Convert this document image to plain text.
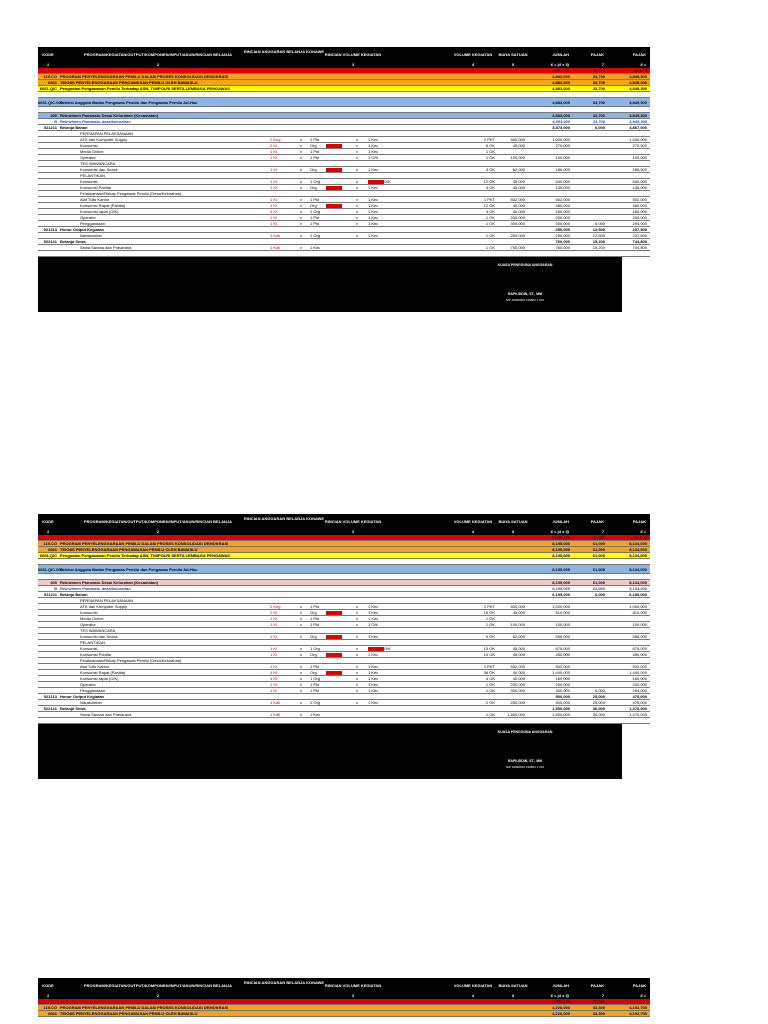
RINCIAN ANGGARAN BELANJA KONAWE
KODE	PROGRAM/KEGIATAN/OUTPUT/KOMPONEN/INPUT/AKUN/RINCIAN BELANJA	RINCIAN VOLUME KEGIATAN	VOLUME KEGIATAN	BIAYA SATUAN	JUMLAH	PAJAK	PAJAK
1	2	3	4	5	6 = (4 x 5)	7	8 =
4,883,000	33,700	(6+8-7)
115.CO PROGRAM PENYELENGGARAAN PEMILU DALAM PROSES KONSOLIDASI DEMOKRASI	4,883,000	33,700	4,849,300
6661 TEKNIS PENYELENGGARAAN PENGAWASAN PEMILU OLEH BAWASLU	4,883,000	33,700	4,849,300
6661.QIC Penguatan Pengawasan Pemilu Terhadap ASN, TNI/POLRI SERTA LEMBAGA PENGAWAS	4,883,000	33,700	4,849,300
6661.QIC.003
Seleksi Anggota Badan Pengawas Pemilu dan Pengawas Pemilu Ad-Hoc	4,883,000	33,700	4,849,300
400 Rekrutmen Panwaslu Desa/ Kelurahan (Kecamatan)	4,883,000	33,700	4,849,300
B Rekrutmen Panwaslu desa/kelurahan	4,883,000	33,700	4,849,300
521211 Belanja Bahan	3,873,000	6,000	3,867,000
PERSIAPAN PELAKSANAAN
ATK dan Komputer Supply	2 Keg	x	1 Pkt	x	1 Kec	2 PKT	500,000	1,000,000	1,000,000
Konsumsi	2 Kl	x	Org	x	1 Kec	6 OK	45,000	270,000	270,000
Media Online	1 Kl	x	1 Pkt	x	1 Kec	1 OK
Operator	1 Kl	x	1 Pkt	x	1 O/K	1 OK	100,000	100,000	100,000
TES WAWANCARA
Konsumsi dan Snack	1 Kl	x	Org	x	1 Kec	3 OK	62,000	186,000	186,000
PELANTIKAN
Konsumsi	1 Kl	x	1 Org	x	O/K	12 OK	45,000	540,000	540,000
Konsumsi Panitia	1 Kl	x	Org	x	1 Kec	3 OK	45,000	135,000	135,000
Pelaksanaan/Rekap Pengawas Pemilu (Desa/Kelurahan)
Alat Tulis Kantor	1 Kl	x	1 Pkt	x	1 Kec	1 PKT	502,000	502,000	502,000
Konsumsi Rapat (Panitia)	4 Kl	x	Org	x	1 Kec	12 OK	40,000	480,000	480,000
Konsumsi rapat (O/K)	4 Kl	x	1 Org	x	1 Kec	4 OK	40,000	160,000	160,000
Operator	1 Kl	x	1 Pkt	x	1 Kec	1 OK	200,000	200,000	200,000
Penggandaan	1 Kl	x	1 Pkt	x	1 Kec	1 OK	300,000	300,000	6,000	294,000
521213 Honor Output Kegiatan	250,000	12,500	237,500
Narasumber	1 Kali	x	1 Org	x	1 Kec	1 OK	250,000	250,000	12,500	237,500
522141 Belanja Sewa	760,000	15,200	744,800
Sewa Sarana dan Prasarana	1 Kali	x	1 Kec	1 OK	760,000	760,000	15,200	744,800
KUASA PENGGUNA ANGGARAN
RAPIUDDIN, ST., MM
NIP 19690816 199803 1 010
RINCIAN ANGGARAN BELANJA KONAWE
KODE	PROGRAM/KEGIATAN/OUTPUT/KOMPONEN/INPUT/AKUN/RINCIAN BELANJA	RINCIAN VOLUME KEGIATAN	VOLUME KEGIATAN	BIAYA SATUAN	JUMLAH	PAJAK	PAJAK
1	2	3	4	5	6 = (4 x 5)	7	8 =
8,195,000	61,000	(6+8-7)
115.CO PROGRAM PENYELENGGARAAN PEMILU DALAM PROSES KONSOLIDASI DEMOKRASI	8,195,000	61,000	8,134,000
6661 TEKNIS PENYELENGGARAAN PENGAWASAN PEMILU OLEH BAWASLU	8,195,000	61,000	8,134,000
6661.QIC Penguatan Pengawasan Pemilu Terhadap ASN, TNI/POLRI SERTA LEMBAGA PENGAWAS	8,195,000	61,000	8,134,000
6661.QIC.003
Seleksi Anggota Badan Pengawas Pemilu dan Pengawas Pemilu Ad-Hoc	8,195,000	61,000	8,134,000
400 Rekrutmen Panwaslu Desa/ Kelurahan (Kecamatan)	8,195,000	61,000	8,134,000
B Rekrutmen Panwaslu desa/kelurahan	8,195,000	61,000	8,134,000
521211 Belanja Bahan	6,195,000	6,000	6,189,000
PERSIAPAN PELAKSANAAN
ATK dan Komputer Supply	2 Keg	x	1 Pkt	x	1 Kec	2 PKT	500,000	1,000,000	1,000,000
Konsumsi	2 Kl	x	Org	x	1 Kec	18 OK	45,000	810,000	810,000
Media Online	1 Kl	x	1 Pkt	x	1 Kec	1 OK
Operator	1 Kl	x	1 Pkt	x	1 O/K	1 OK	100,000	100,000	100,000
TES WAWANCARA
Konsumsi dan Snack	1 Kl	x	Org	x	1 Kec	9 OK	62,000	558,000	558,000
PELANTIKAN
Konsumsi	1 Kl	x	1 Org	x	O/K	15 OK	45,000	675,000	675,000
Konsumsi Panitia	1 Kl	x	Org	x	1 Kec	10 OK	45,000	450,000	450,000
Pelaksanaan/Rekap Pengawas Pemilu (Desa/Kelurahan)
Alat Tulis Kantor	1 Kl	x	1 Pkt	x	1 Kec	1 PKT	502,000	502,000	502,000
Konsumsi Rapat (Panitia)	4 Kl	x	Org	x	1 Kec	36 OK	40,000	1,440,000	1,440,000
Konsumsi rapat (O/K)	4 Kl	x	1 Org	x	1 Kec	4 OK	40,000	160,000	160,000
Operator	1 Kl	x	1 Pkt	x	1 Kec	1 OK	200,000	200,000	200,000
Penggandaan	1 Kl	x	1 Pkt	x	1 Kec	1 OK	300,000	300,000	6,000	294,000
521213 Honor Output Kegiatan	500,000	25,000	475,000
Narasumber	1 Kali	x	2 Org	x	1 Kec	2 OK	250,000	500,000	25,000	475,000
522141 Belanja Sewa	1,500,000	30,000	1,470,000
Sewa Sarana dan Prasarana	1 Kali	x	1 Kec	1 OK	1,500,000	1,500,000	30,000	1,470,000
KUASA PENGGUNA ANGGARAN
RAPIUDDIN, ST., MM
NIP 19690816 199803 1 010
RINCIAN ANGGARAN BELANJA KONAWE
KODE	PROGRAM/KEGIATAN/OUTPUT/KOMPONEN/INPUT/AKUN/RINCIAN BELANJA	RINCIAN VOLUME KEGIATAN	VOLUME KEGIATAN	BIAYA SATUAN	JUMLAH	PAJAK	PAJAK
1	2	3	4	5	6 = (4 x 5)	7	8 =
4,226,000	33,300
115.CO PROGRAM PENYELENGGARAAN PEMILU DALAM PROSES KONSOLIDASI DEMOKRASI	4,226,000	33,300	4,192,700
6661 TEKNIS PENYELENGGARAAN PENGAWASAN PEMILU OLEH BAWASLU	4,226,000	33,300	4,192,700
